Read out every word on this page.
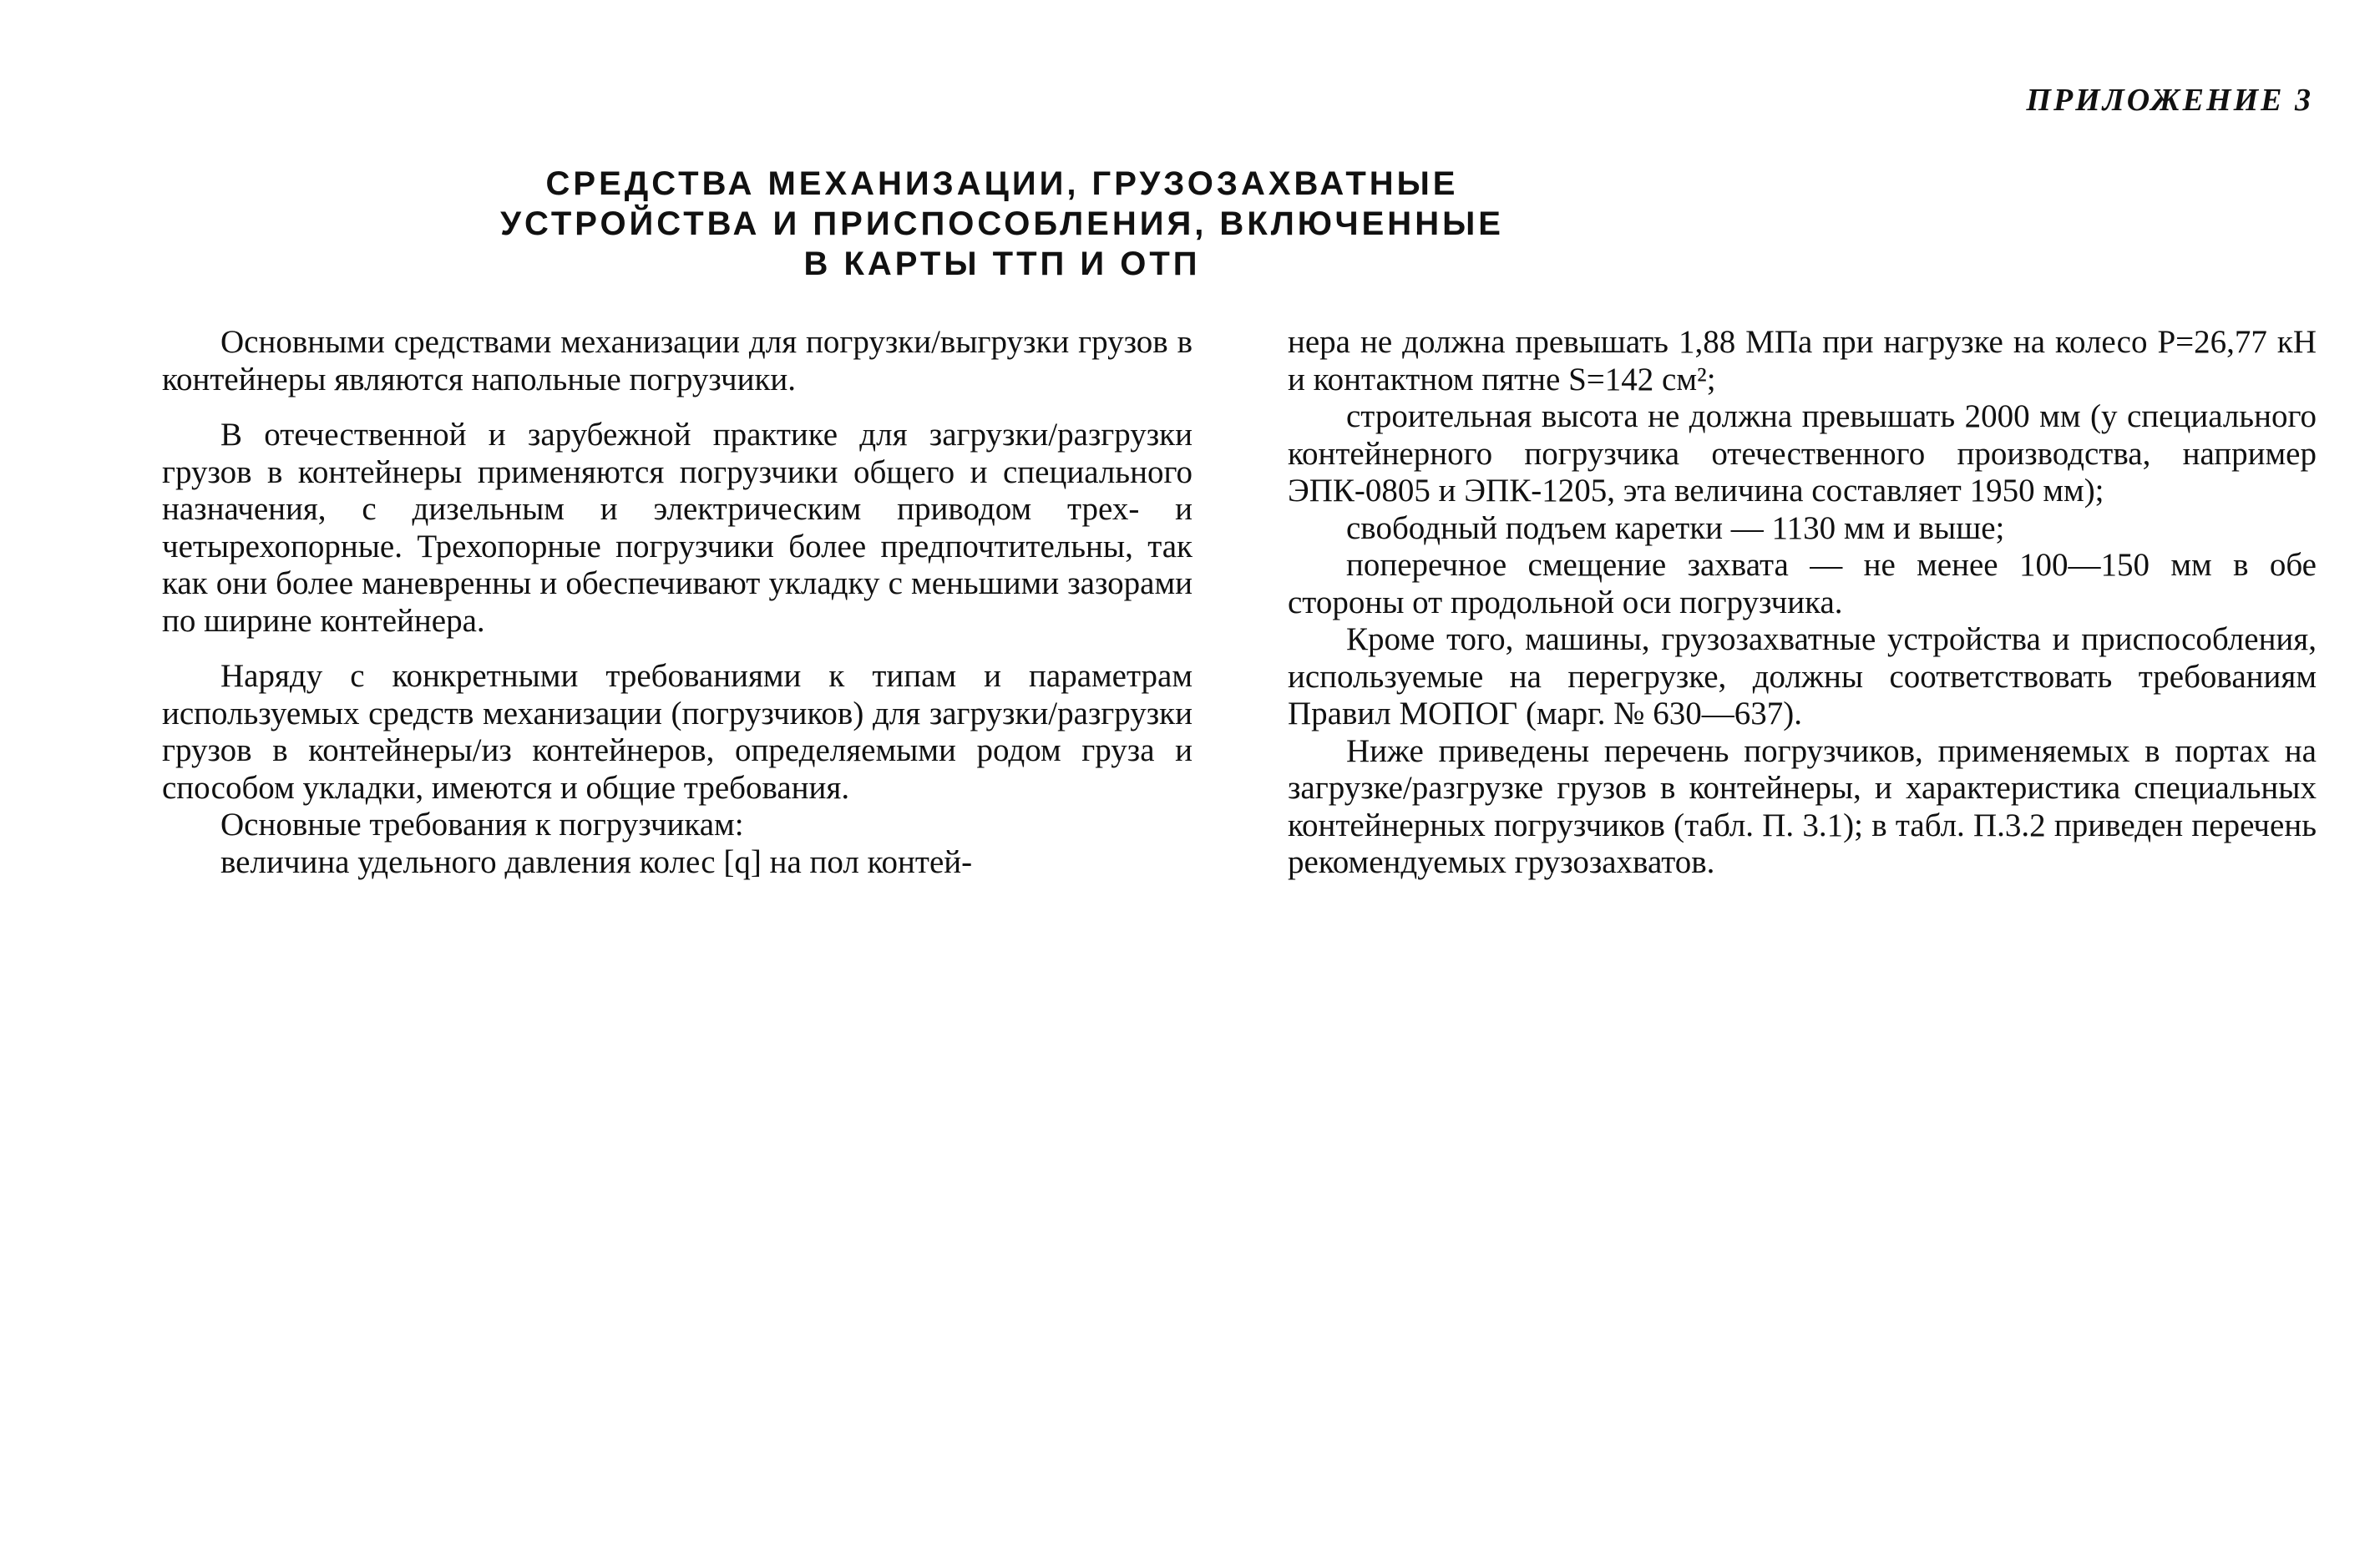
ПРИЛОЖЕНИЕ 3

СРЕДСТВА МЕХАНИЗАЦИИ, ГРУЗОЗАХВАТНЫЕ
УСТРОЙСТВА И ПРИСПОСОБЛЕНИЯ, ВКЛЮЧЕННЫЕ
В КАРТЫ ТТП И ОТП

Основными средствами механизации для погрузки/выгрузки грузов в контейнеры являются напольные погрузчики.

В отечественной и зарубежной практике для загрузки/разгрузки грузов в контейнеры применяются погрузчики общего и специального назначения, с дизельным и электрическим приводом трех- и четырехопорные. Трехопорные погрузчики более предпочтительны, так как они более маневренны и обеспечивают укладку с меньшими зазорами по ширине контейнера.

Наряду с конкретными требованиями к типам и параметрам используемых средств механизации (погрузчиков) для загрузки/разгрузки грузов в контейнеры/из контейнеров, определяемыми родом груза и способом укладки, имеются и общие требования.

Основные требования к погрузчикам:

величина удельного давления колес [q] на пол контей-

нера не должна превышать 1,88 МПа при нагрузке на колесо P=26,77 кН и контактном пятне S=142 см²;

строительная высота не должна превышать 2000 мм (у специального контейнерного погрузчика отечественного производства, например ЭПК-0805 и ЭПК-1205, эта величина составляет 1950 мм);

свободный подъем каретки — 1130 мм и выше;

поперечное смещение захвата — не менее 100—150 мм в обе стороны от продольной оси погрузчика.

Кроме того, машины, грузозахватные устройства и приспособления, используемые на перегрузке, должны соответствовать требованиям Правил МОПОГ (марг. № 630—637).

Ниже приведены перечень погрузчиков, применяемых в портах на загрузке/разгрузке грузов в контейнеры, и характеристика специальных контейнерных погрузчиков (табл. П. 3.1); в табл. П.3.2 приведен перечень рекомендуемых грузозахватов.
